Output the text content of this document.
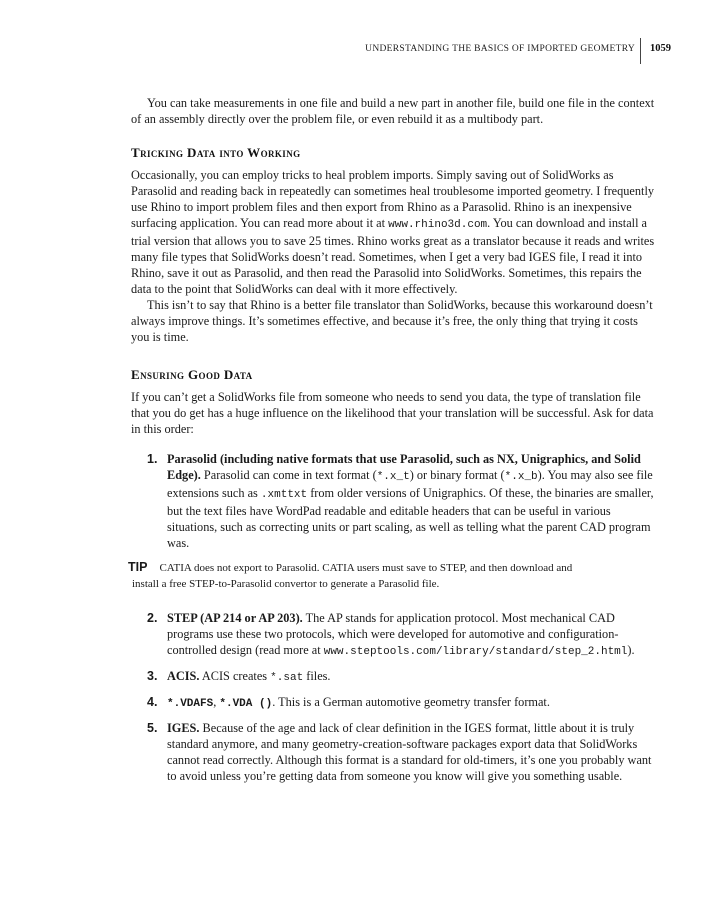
UNDERSTANDING THE BASICS OF IMPORTED GEOMETRY 1059

You can take measurements in one file and build a new part in another file, build one file in the context of an assembly directly over the problem file, or even rebuild it as a multibody part.

Tricking Data into Working

Occasionally, you can employ tricks to heal problem imports. Simply saving out of SolidWorks as Parasolid and reading back in repeatedly can sometimes heal troublesome imported geometry. I frequently use Rhino to import problem files and then export from Rhino as a Parasolid. Rhino is an inexpensive surfacing application. You can read more about it at www.rhino3d.com. You can download and install a trial version that allows you to save 25 times. Rhino works great as a translator because it reads and writes many file types that SolidWorks doesn’t read. Sometimes, when I get a very bad IGES file, I read it into Rhino, save it out as Parasolid, and then read the Parasolid into SolidWorks. Sometimes, this repairs the data to the point that SolidWorks can deal with it more effectively.

This isn’t to say that Rhino is a better file translator than SolidWorks, because this workaround doesn’t always improve things. It’s sometimes effective, and because it’s free, the only thing that trying it costs you is time.

Ensuring Good Data

If you can’t get a SolidWorks file from someone who needs to send you data, the type of translation file that you do get has a huge influence on the likelihood that your translation will be successful. Ask for data in this order:

1. Parasolid (including native formats that use Parasolid, such as NX, Unigraphics, and Solid Edge). Parasolid can come in text format (*.x_t) or binary format (*.x_b). You may also see file extensions such as .xmttxt from older versions of Unigraphics. Of these, the binaries are smaller, but the text files have WordPad readable and editable headers that can be useful in various situations, such as correcting units or part scaling, as well as telling what the parent CAD program was.
TIP CATIA does not export to Parasolid. CATIA users must save to STEP, and then download and
install a free STEP-to-Parasolid convertor to generate a Parasolid file.
2. STEP (AP 214 or AP 203). The AP stands for application protocol. Most mechanical CAD programs use these two protocols, which were developed for automotive and configuration-controlled design (read more at www.steptools.com/library/standard/step_2.html).
3. ACIS. ACIS creates *.sat files.
4. *.VDAFS, *.VDA (). This is a German automotive geometry transfer format.
5. IGES. Because of the age and lack of clear definition in the IGES format, little about it is truly standard anymore, and many geometry-creation-software packages export data that SolidWorks cannot read correctly. Although this format is a standard for old-timers, it’s one you probably want to avoid unless you’re getting data from someone you know will give you something usable.
